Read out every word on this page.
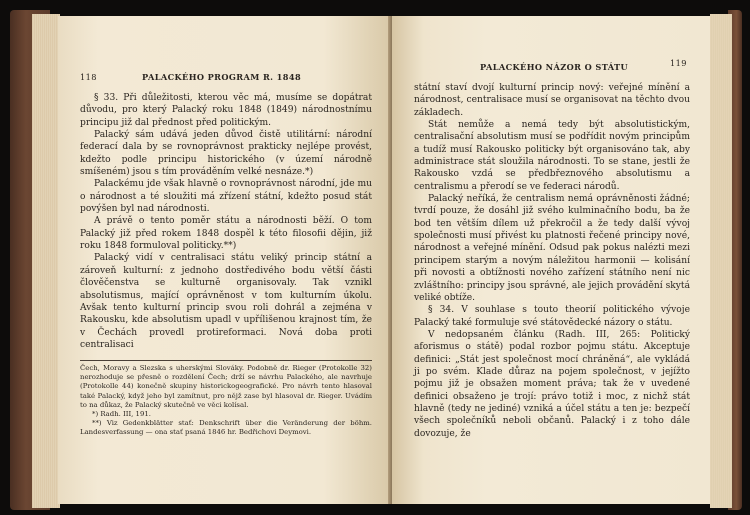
118	PALACKÉHO PROGRAM R. 1848

§ 33. Při důležitosti, kterou věc má, musíme se dopátrat důvodu, pro který Palacký roku 1848 (1849) národnostnímu principu již dal přednost před politickým.

Palacký sám udává jeden důvod čistě utilitární: národní federací dala by se rovnoprávnost prakticky nejlépe provést, kdežto podle principu historického (v území národně smíšeném) jsou s tím prováděním velké nesnáze.*)

Palackému jde však hlavně o rovnoprávnost národní, jde mu o národnost a té sloužiti má zřízení státní, kdežto posud stát povýšen byl nad národnosti.

A právě o tento poměr státu a národnosti běží. O tom Palacký již před rokem 1848 dospěl k této filosofii dějin, již roku 1848 formuloval politicky.**)

Palacký vidí v centralisaci státu veliký princip státní a zároveň kulturní: z jednoho dostředivého bodu větší části člověčenstva se kulturně organisovaly. Tak vznikl absolutismus, mající oprávněnost v tom kulturním úkolu. Avšak tento kulturní princip svou roli dohrál a zejména v Rakousku, kde absolutism upadl v upřílišenou krajnost tím, že v Čechách provedl protireformaci. Nová doba proti centralisaci

Čech, Moravy a Slezska s uherskými Slováky. Podobně dr. Rieger (Protokolle 32) nerozhoduje se přesně o rozdělení Čech; drží se návrhu Palackého, ale navrhuje (Protokolle 44) konečně skupiny historickogeografické. Pro návrh tento hlasoval také Palacký, když jeho byl zamítnut, pro nějž zase byl hlasoval dr. Rieger. Uvádím to na důkaz, že Palacký skutečně ve věci kolísal.

*) Radh. III, 191.

**) Viz Gedenkblätter stať: Denkschrift über die Veränderung der böhm. Landesverfassung — ona stať psaná 1846 hr. Bedřichovi Deymovi.

PALACKÉHO NÁZOR O STÁTU	119

státní staví dvojí kulturní princip nový: veřejné mínění a národnost, centralisace musí se organisovat na těchto dvou základech.

Stát nemůže a nemá tedy být absolutistickým, centralisační absolutism musí se podřídit novým principům a tudíž musí Rakousko politicky být organisováno tak, aby administrace stát sloužila národnosti. To se stane, jestli že Rakousko vzdá se předbřeznového absolutismu a centralismu a přerodí se ve federaci národů.

Palacký neříká, že centralism nemá oprávněnosti žádné; tvrdí pouze, že dosáhl již svého kulminačního bodu, ba že bod ten větším dílem už překročil a že tedy další vývoj společnosti musí přivést ku platnosti řečené principy nové, národnost a veřejné mínění. Odsud pak pokus nalézti mezi principem starým a novým náležitou harmonii — kolisání při novosti a obtížnosti nového zařízení státního není nic zvláštního: principy jsou správné, ale jejich provádění skytá veliké obtíže.

§ 34. V souhlase s touto theorií politického vývoje Palacký také formuluje své státovědecké názory o státu.

V nedopsaném článku (Radh. III, 265: Politický aforismus o státě) podal rozbor pojmu státu. Akceptuje definici: „Stát jest společnost mocí chráněná“, ale vykládá ji po svém. Klade důraz na pojem společnost, v jejížto pojmu již je obsažen moment práva; tak že v uvedené definici obsaženo je trojí: právo totiž i moc, z nichž stát hlavně (tedy ne jediné) vzniká a účel státu a ten je: bezpečí všech společníků neboli občanů. Palacký i z toho dále dovozuje, že
